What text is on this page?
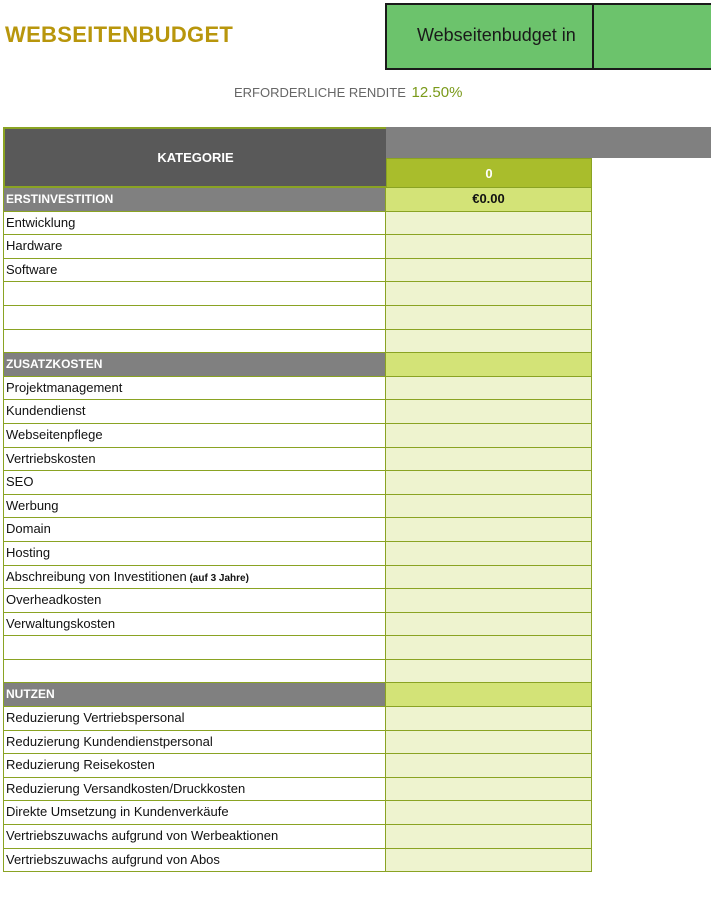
WEBSEITENBUDGET	Webseitenbudget in
ERFORDERLICHE RENDITE 12.50%
KATEGORIE
0
ERSTINVESTITION	€0.00
Entwicklung
Hardware
Software
ZUSATZKOSTEN
Projektmanagement
Kundendienst
Webseitenpflege
Vertriebskosten
SEO
Werbung
Domain
Hosting
Abschreibung von Investitionen (auf 3 Jahre)
Overheadkosten
Verwaltungskosten
NUTZEN
Reduzierung Vertriebspersonal
Reduzierung Kundendienstpersonal
Reduzierung Reisekosten
Reduzierung Versandkosten/Druckkosten
Direkte Umsetzung in Kundenverkäufe
Vertriebszuwachs aufgrund von Werbeaktionen
Vertriebszuwachs aufgrund von Abos
